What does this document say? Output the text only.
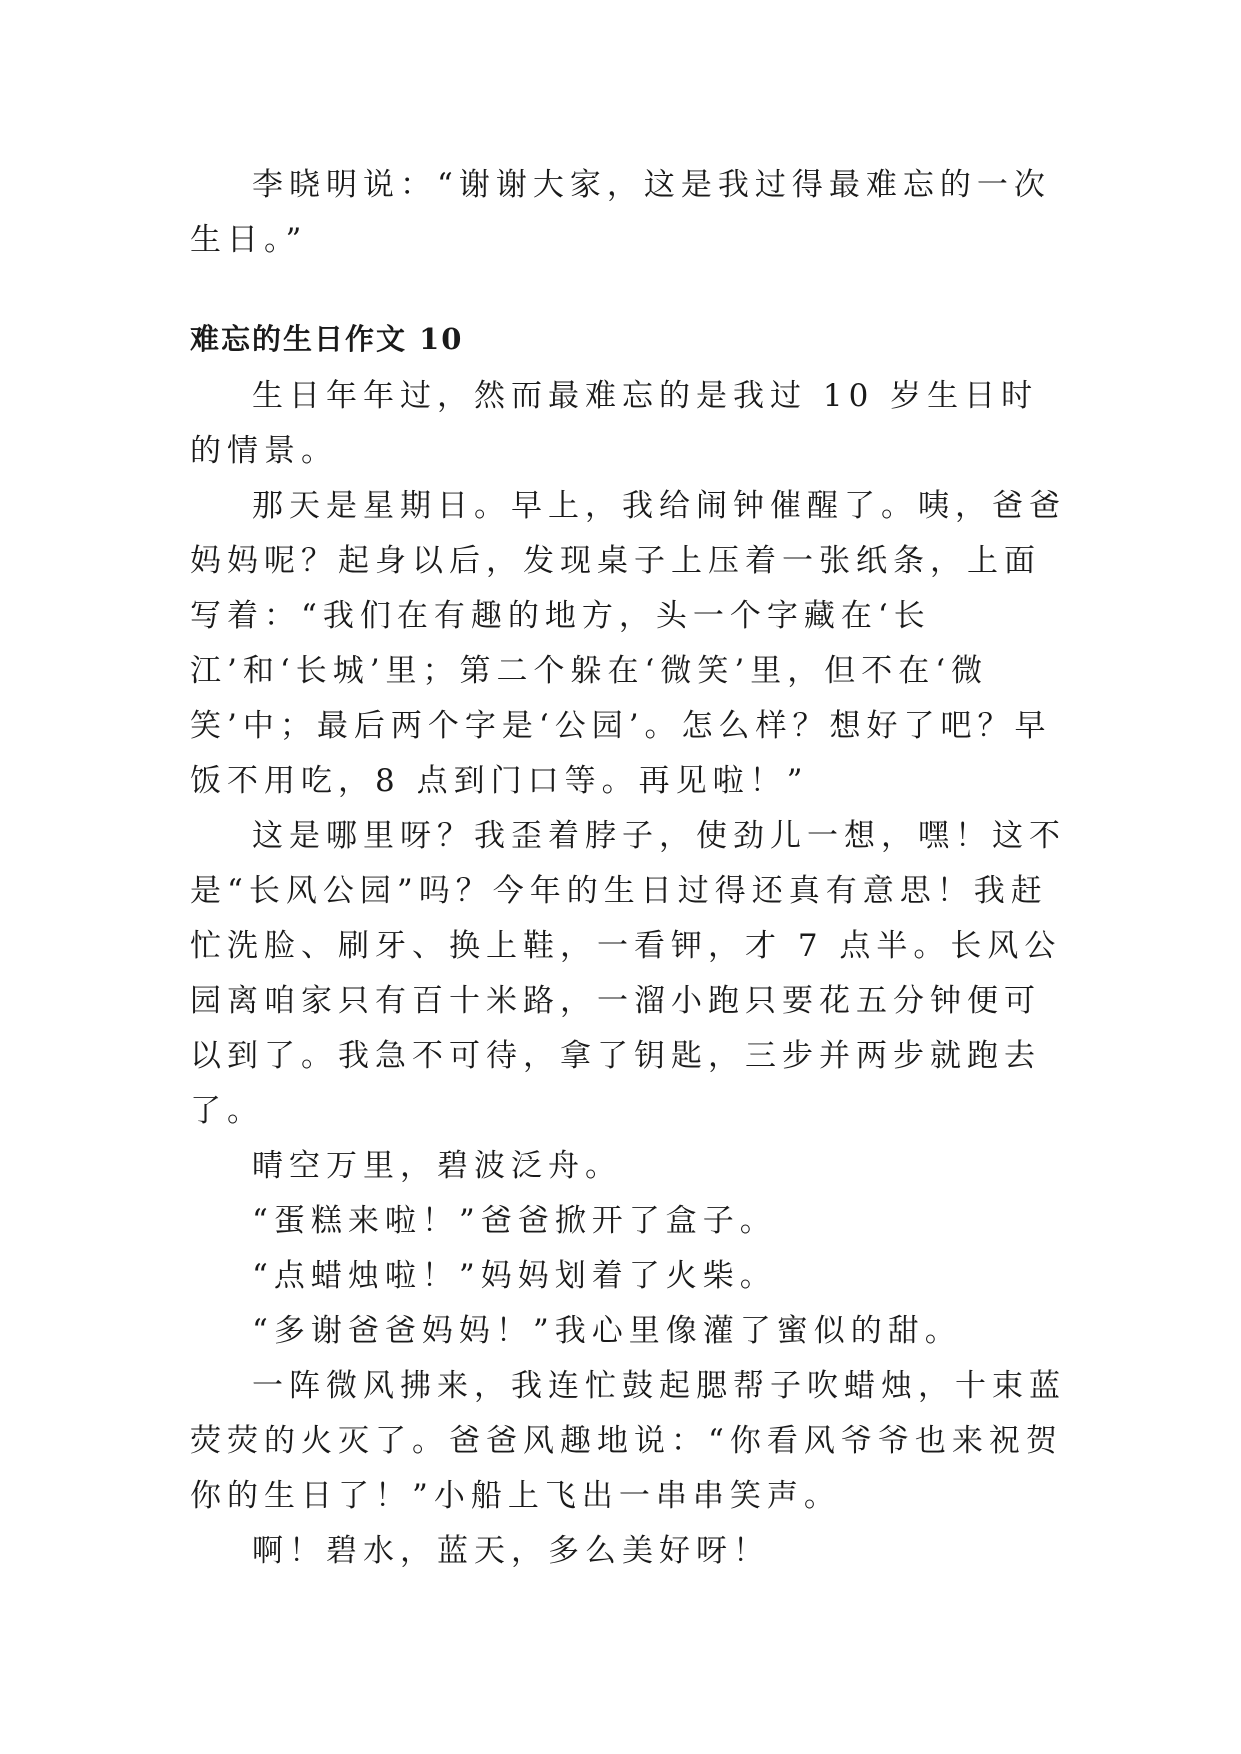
李晓明说：“谢谢大家，这是我过得最难忘的一次生日。”

难忘的生日作文 10

生日年年过，然而最难忘的是我过 10 岁生日时的情景。

那天是星期日。早上，我给闹钟催醒了。咦，爸爸妈妈呢？起身以后，发现桌子上压着一张纸条，上面写着：“我们在有趣的地方，头一个字藏在‘长江’和‘长城’里；第二个躲在‘微笑’里，但不在‘微笑’中；最后两个字是‘公园’。怎么样？想好了吧？早饭不用吃，8 点到门口等。再见啦！”

这是哪里呀？我歪着脖子，使劲儿一想，嘿！这不是“长风公园”吗？今年的生日过得还真有意思！我赶忙洗脸、刷牙、换上鞋，一看钾，才 7 点半。长风公园离咱家只有百十米路，一溜小跑只要花五分钟便可以到了。我急不可待，拿了钥匙，三步并两步就跑去了。

晴空万里，碧波泛舟。

“蛋糕来啦！”爸爸掀开了盒子。

“点蜡烛啦！”妈妈划着了火柴。

“多谢爸爸妈妈！”我心里像灌了蜜似的甜。

一阵微风拂来，我连忙鼓起腮帮子吹蜡烛，十束蓝荧荧的火灭了。爸爸风趣地说：“你看风爷爷也来祝贺你的生日了！”小船上飞出一串串笑声。

啊！碧水，蓝天，多么美好呀！
